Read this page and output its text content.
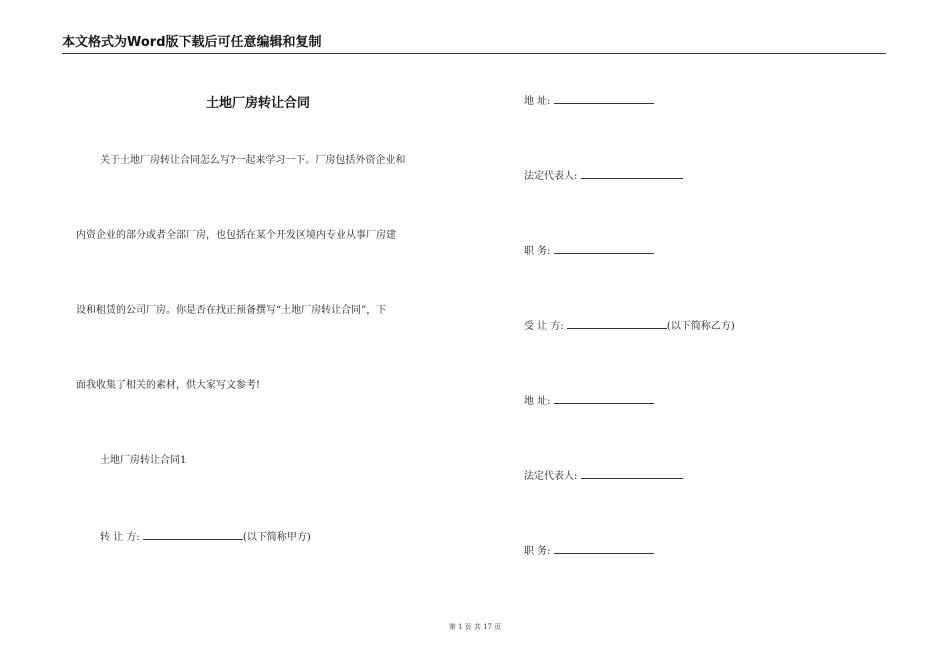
本文格式为Word版下载后可任意编辑和复制
土地厂房转让合同
关于土地厂房转让合同怎么写?一起来学习一下。厂房包括外资企业和
内资企业的部分或者全部厂房，也包括在某个开发区境内专业从事厂房建
设和租赁的公司厂房。你是否在找正预备撰写“土地厂房转让合同”，下
面我收集了相关的素材，供大家写文参考!
土地厂房转让合同1
转 让 方:	(以下简称甲方)
地 址:
法定代表人:
职 务:
受 让 方:	(以下简称乙方)
地 址:
法定代表人:
职 务:
第 1 页 共 17 页
